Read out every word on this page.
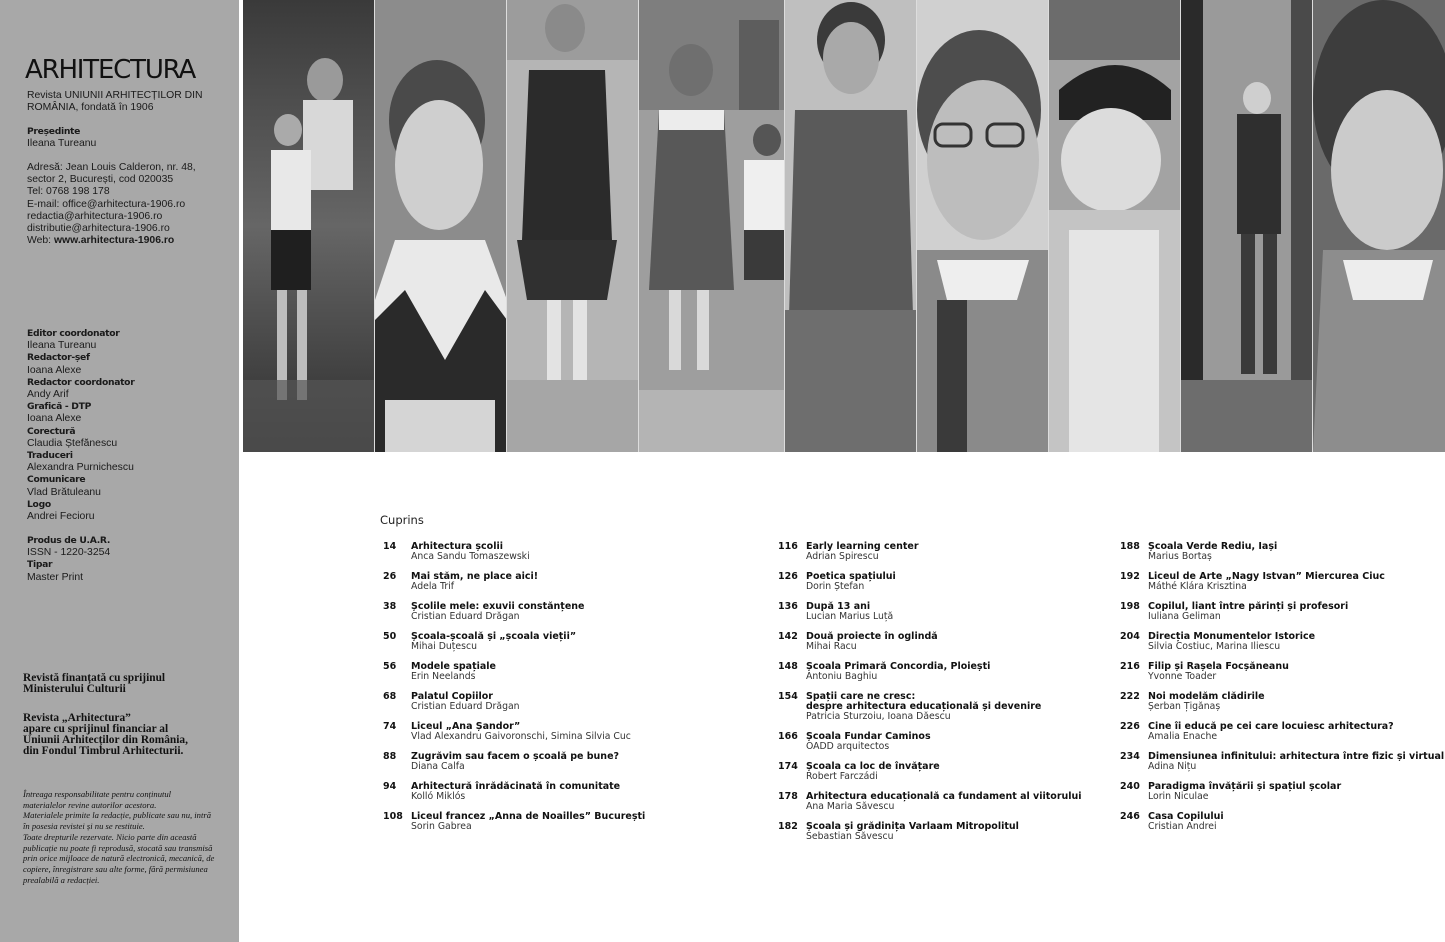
ARHITECTURA
Revista UNIUNII ARHITECȚILOR DIN
ROMÂNIA, fondată în 1906
Președinte
Ileana Tureanu
Adresă: Jean Louis Calderon, nr. 48,
sector 2, București, cod 020035
Tel: 0768 198 178
E-mail: office@arhitectura-1906.ro
redactia@arhitectura-1906.ro
distributie@arhitectura-1906.ro
Web: www.arhitectura-1906.ro
Editor coordonator
Ileana Tureanu
Redactor-șef
Ioana Alexe
Redactor coordonator
Andy Arif
Grafică - DTP
Ioana Alexe
Corectură
Claudia Ștefănescu
Traduceri
Alexandra Purnichescu
Comunicare
Vlad Brătuleanu
Logo
Andrei Fecioru
Produs de U.A.R.
ISSN - 1220-3254
Tipar
Master Print
Revistă finanțată cu sprijinul
Ministerului Culturii
Revista „Arhitectura”
apare cu sprijinul financiar al
Uniunii Arhitecților din România,
din Fondul Timbrul Arhitecturii.
Întreaga responsabilitate pentru conținutul
materialelor revine autorilor acestora.
Materialele primite la redacție, publicate sau nu, intră
în posesia revistei și nu se restituie.
Toate drepturile rezervate. Nicio parte din această
publicație nu poate fi reprodusă, stocată sau transmisă
prin orice mijloace de natură electronică, mecanică, de
copiere, înregistrare sau alte forme, fără permisiunea
prealabilă a redacției.
Cuprins
14	Arhitectura școlii
Anca Sandu Tomaszewski
26	Mai stăm, ne place aici!
Adela Trif
38	Școlile mele: exuvii constănțene
Cristian Eduard Drăgan
50	Școala-școală și „școala vieții”
Mihai Duțescu
56	Modele spațiale
Erin Neelands
68	Palatul Copiilor
Cristian Eduard Drăgan
74	Liceul „Ana Șandor”
Vlad Alexandru Gaivoronschi, Simina Silvia Cuc
88	Zugrăvim sau facem o școală pe bune?
Diana Calfa
94	Arhitectură înrădăcinată în comunitate
Kolló Miklós
108 Liceul francez „Anna de Noailles” București
Sorin Gabrea
116 Early learning center
Adrian Spirescu
126 Poetica spațiului
Dorin Ștefan
136 După 13 ani
Lucian Marius Luță
142 Două proiecte în oglindă
Mihai Racu
148 Școala Primară Concordia, Ploiești
Antoniu Baghiu
154 Spații care ne cresc:
despre arhitectura educațională și devenire
Patricia Sturzoiu, Ioana Dăescu
166 Școala Fundar Caminos
OADD arquitectos
174 Școala ca loc de învățare
Robert Farczádi
178 Arhitectura educațională ca fundament al viitorului
Ana Maria Săvescu
182 Școala și grădinița Varlaam Mitropolitul
Sebastian Săvescu
188 Școala Verde Rediu, Iași
Marius Bortaș
192 Liceul de Arte „Nagy Istvan” Miercurea Ciuc
Máthé Klára Krisztina
198 Copilul, liant între părinți și profesori
Iuliana Geliman
204 Direcția Monumentelor Istorice
Silvia Costiuc, Marina Iliescu
216 Filip și Rașela Focșăneanu
Yvonne Toader
222 Noi modelăm clădirile
Șerban Țigănaș
226 Cine îi educă pe cei care locuiesc arhitectura?
Amalia Enache
234 Dimensiunea infinitului: arhitectura între fizic și virtual
Adina Nițu
240 Paradigma învățării și spațiul școlar
Lorin Niculae
246 Casa Copilului
Cristian Andrei
